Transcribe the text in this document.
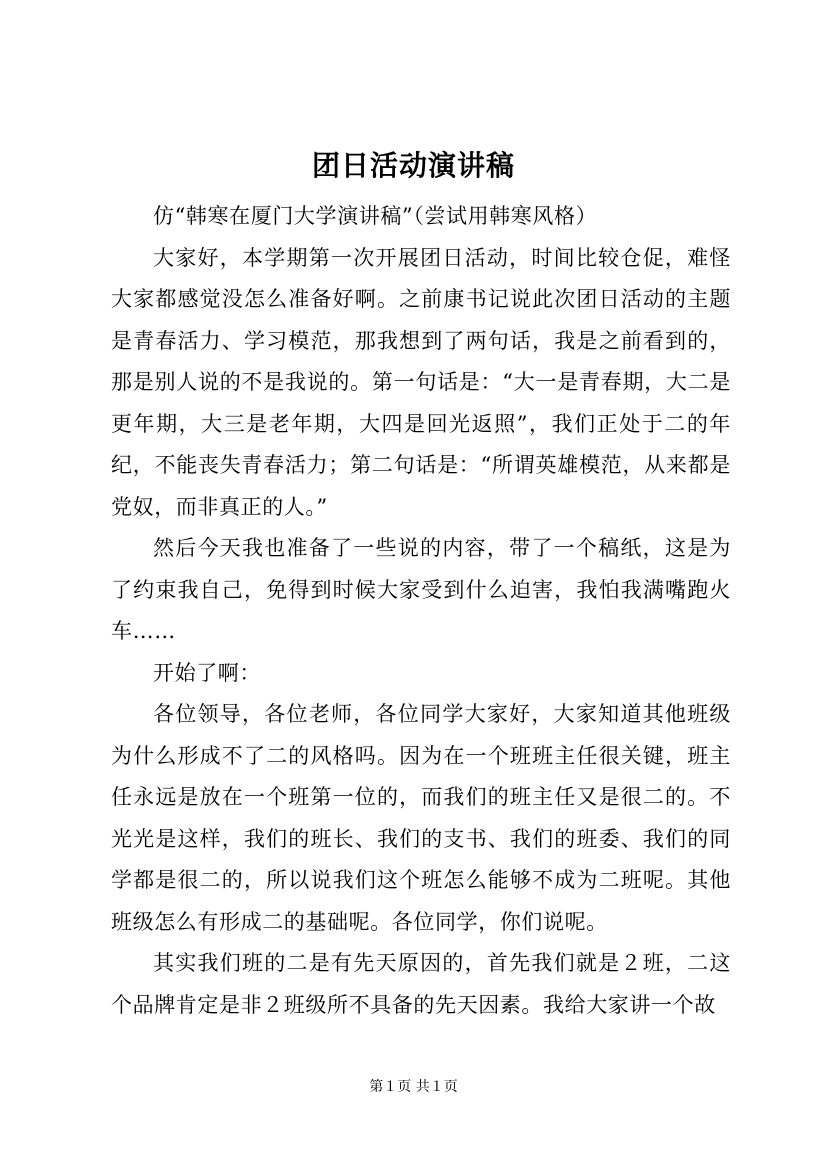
团日活动演讲稿

仿“韩寒在厦门大学演讲稿”（尝试用韩寒风格）

大家好，本学期第一次开展团日活动，时间比较仓促，难怪大家都感觉没怎么准备好啊。之前康书记说此次团日活动的主题是青春活力、学习模范，那我想到了两句话，我是之前看到的，那是别人说的不是我说的。第一句话是：“大一是青春期，大二是更年期，大三是老年期，大四是回光返照”，我们正处于二的年纪，不能丧失青春活力；第二句话是：“所谓英雄模范，从来都是党奴，而非真正的人。”

然后今天我也准备了一些说的内容，带了一个稿纸，这是为了约束我自己，免得到时候大家受到什么迫害，我怕我满嘴跑火车……

开始了啊：

各位领导，各位老师，各位同学大家好，大家知道其他班级为什么形成不了二的风格吗。因为在一个班班主任很关键，班主任永远是放在一个班第一位的，而我们的班主任又是很二的。不光光是这样，我们的班长、我们的支书、我们的班委、我们的同学都是很二的，所以说我们这个班怎么能够不成为二班呢。其他班级怎么有形成二的基础呢。各位同学，你们说呢。

其实我们班的二是有先天原因的，首先我们就是２班，二这个品牌肯定是非２班级所不具备的先天因素。我给大家讲一个故

第１页 共１页
